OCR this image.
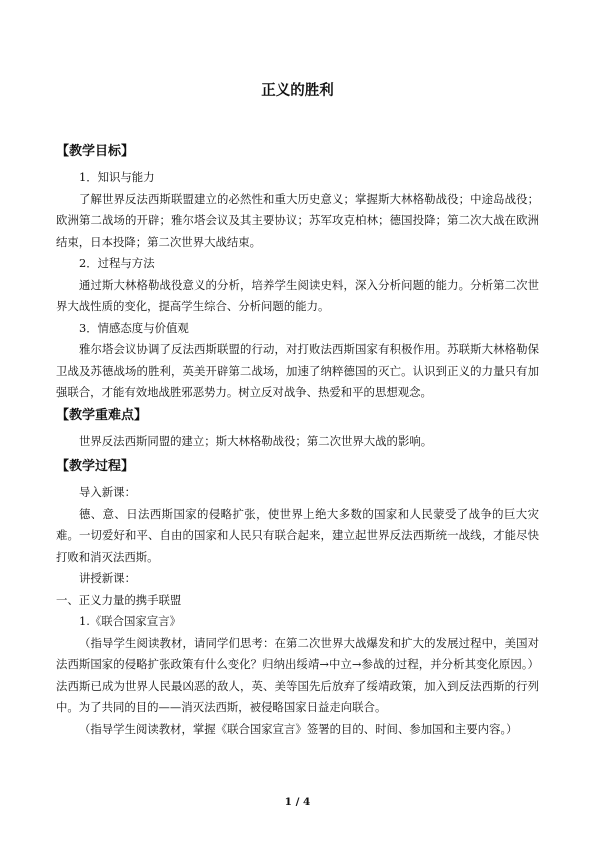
正义的胜利

【教学目标】

1．知识与能力

了解世界反法西斯联盟建立的必然性和重大历史意义；掌握斯大林格勒战役；中途岛战役；欧洲第二战场的开辟；雅尔塔会议及其主要协议；苏军攻克柏林；德国投降；第二次大战在欧洲结束，日本投降；第二次世界大战结束。

2．过程与方法

通过斯大林格勒战役意义的分析，培养学生阅读史料，深入分析问题的能力。分析第二次世界大战性质的变化，提高学生综合、分析问题的能力。

3．情感态度与价值观

雅尔塔会议协调了反法西斯联盟的行动，对打败法西斯国家有积极作用。苏联斯大林格勒保卫战及苏德战场的胜利，英美开辟第二战场，加速了纳粹德国的灭亡。认识到正义的力量只有加强联合，才能有效地战胜邪恶势力。树立反对战争、热爱和平的思想观念。

【教学重难点】

世界反法西斯同盟的建立；斯大林格勒战役；第二次世界大战的影响。

【教学过程】

导入新课：

德、意、日法西斯国家的侵略扩张，使世界上绝大多数的国家和人民蒙受了战争的巨大灾难。一切爱好和平、自由的国家和人民只有联合起来，建立起世界反法西斯统一战线，才能尽快打败和消灭法西斯。

讲授新课：

一、正义力量的携手联盟

1.《联合国家宣言》

（指导学生阅读教材，请同学们思考：在第二次世界大战爆发和扩大的发展过程中，美国对法西斯国家的侵略扩张政策有什么变化？归纳出绥靖→中立→参战的过程，并分析其变化原因。）法西斯已成为世界人民最凶恶的敌人，英、美等国先后放弃了绥靖政策，加入到反法西斯的行列中。为了共同的目的——消灭法西斯，被侵略国家日益走向联合。

（指导学生阅读教材，掌握《联合国家宣言》签署的目的、时间、参加国和主要内容。）

1 / 4
